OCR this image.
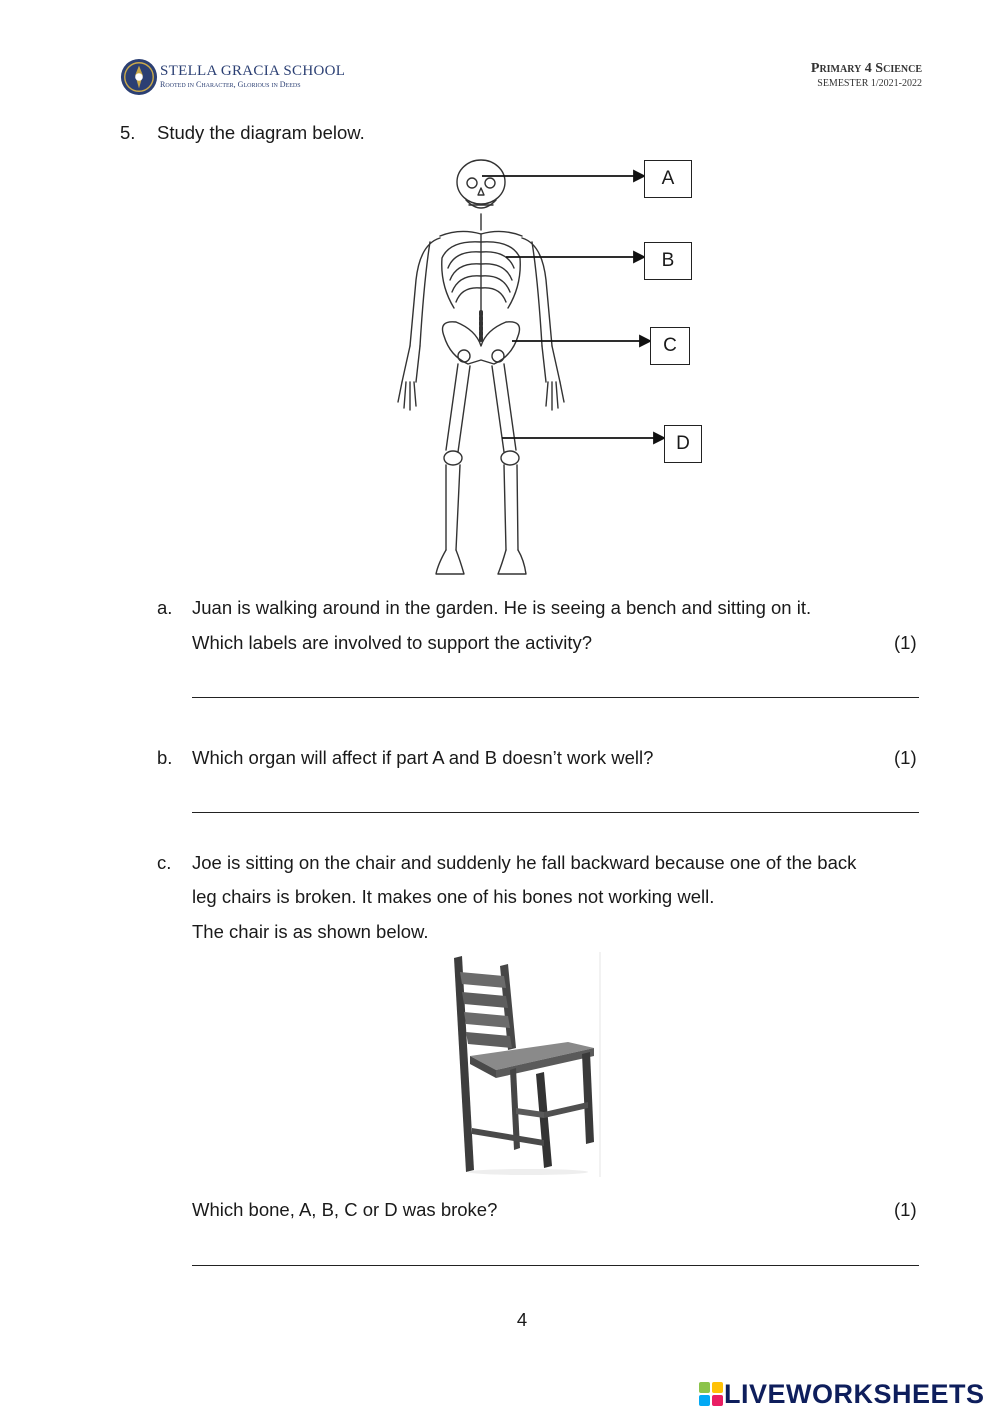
STELLA GRACIA SCHOOL
Rooted in Character, Glorious in Deeds
Primary 4 Science
SEMESTER 1/2021-2022
5. Study the diagram below.
A
B
C
D
a. Juan is walking around in the garden. He is seeing a bench and sitting on it.
Which labels are involved to support the activity?	(1)
b. Which organ will affect if part A and B doesn’t work well?	(1)
c. Joe is sitting on the chair and suddenly he fall backward because one of the back
leg chairs is broken. It makes one of his bones not working well.
The chair is as shown below.
Which bone, A, B, C or D was broke?	(1)
4
LIVEWORKSHEETS
